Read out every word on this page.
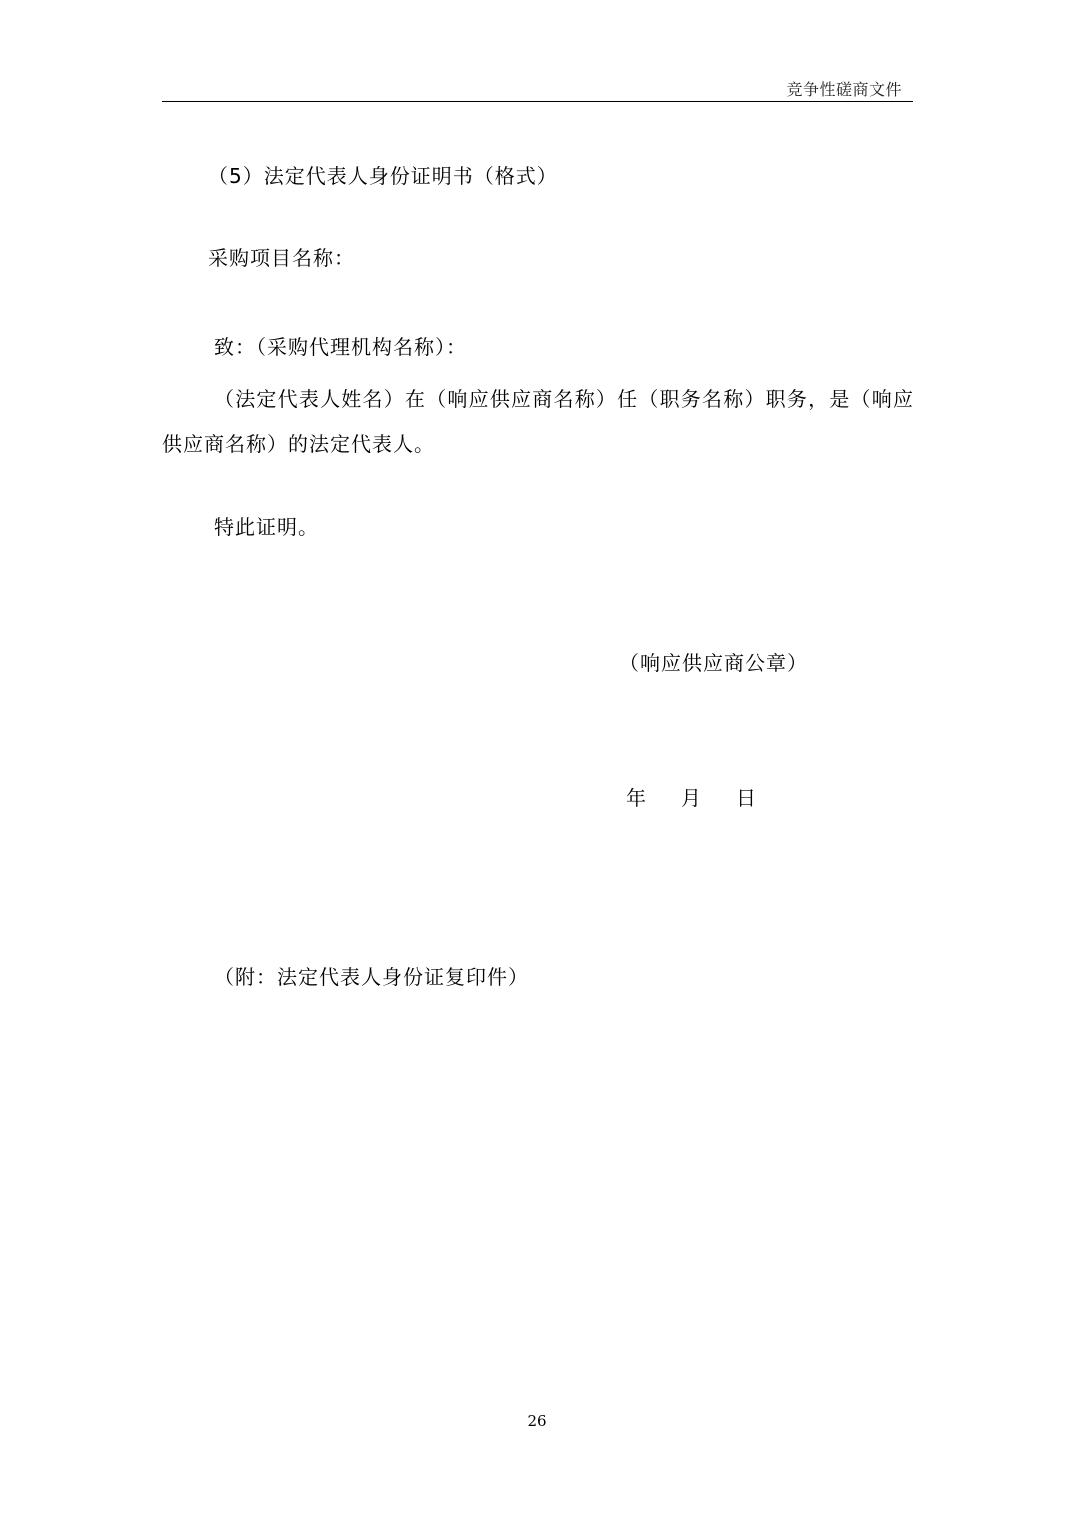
竞争性磋商文件
（5）法定代表人身份证明书（格式）
采购项目名称：
致：（采购代理机构名称）：
（法定代表人姓名）在（响应供应商名称）任（职务名称）职务，是（响应供应商名称）的法定代表人。
特此证明。
（响应供应商公章）
年 月 日
（附：法定代表人身份证复印件）
26
